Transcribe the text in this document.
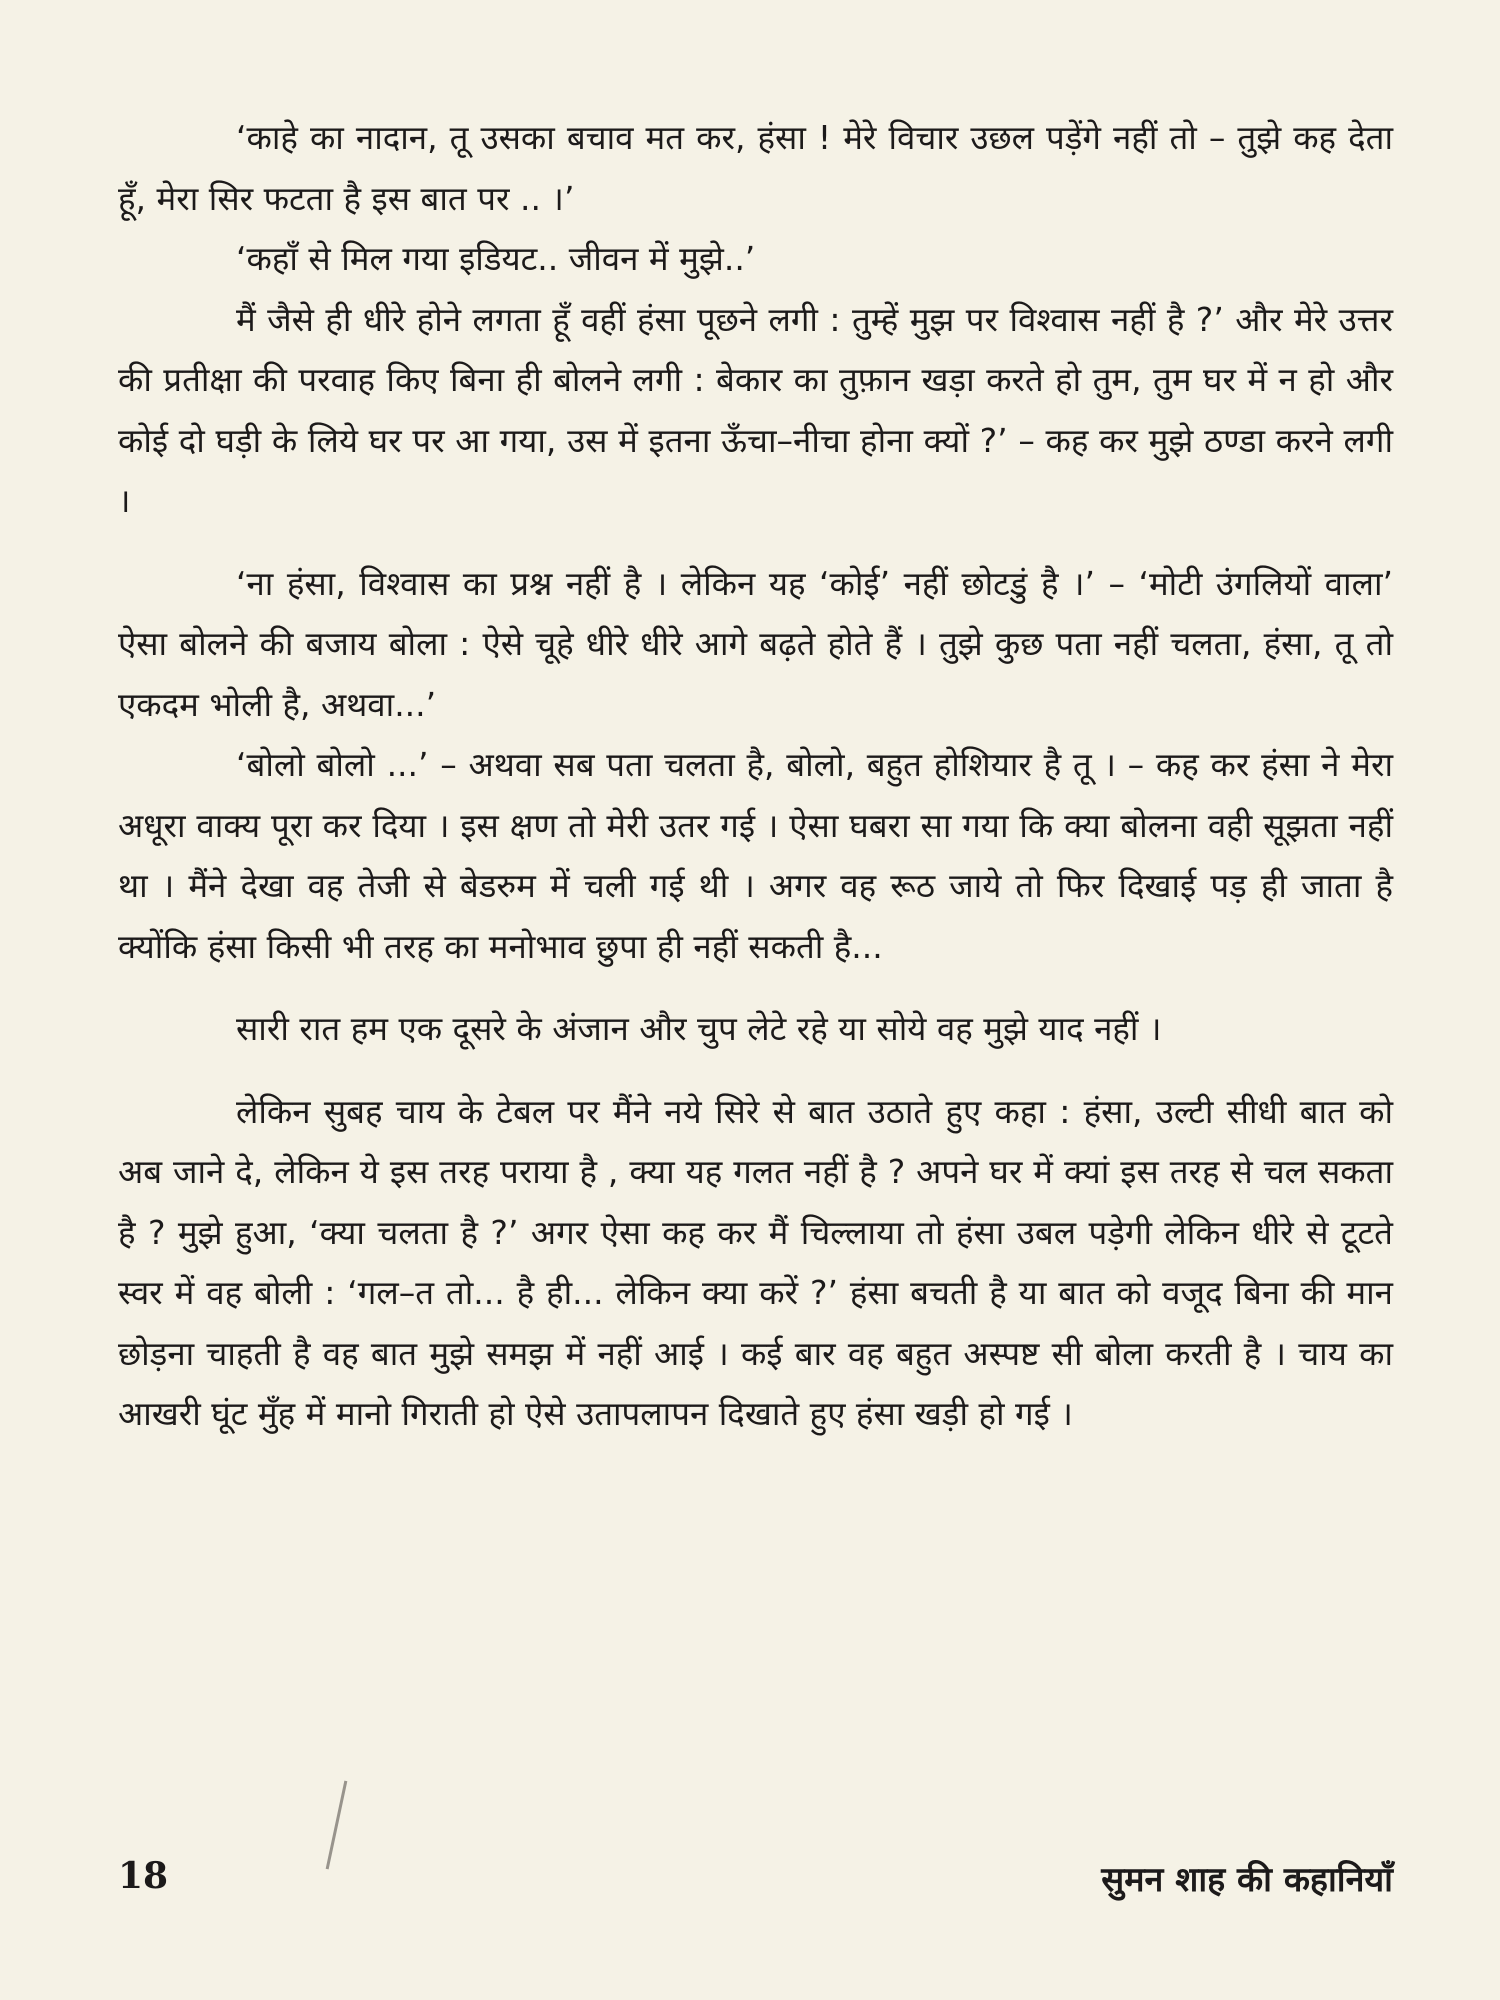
‘काहे का नादान, तू उसका बचाव मत कर, हंसा ! मेरे विचार उछल पड़ेंगे नहीं तो – तुझे कह देता हूँ, मेरा सिर फटता है इस बात पर .. ।’

‘कहाँ से मिल गया इडियट.. जीवन में मुझे..’

मैं जैसे ही धीरे होने लगता हूँ वहीं हंसा पूछने लगी : तुम्हें मुझ पर विश्वास नहीं है ?’ और मेरे उत्तर की प्रतीक्षा की परवाह किए बिना ही बोलने लगी : बेकार का तुफ़ान खड़ा करते हो तुम, तुम घर में न हो और कोई दो घड़ी के लिये घर पर आ गया, उस में इतना ऊँचा–नीचा होना क्यों ?’ – कह कर मुझे ठण्डा करने लगी ।

‘ना हंसा, विश्वास का प्रश्न नहीं है । लेकिन यह ‘कोई’ नहीं छोटडुं है ।’ – ‘मोटी उंगलियों वाला’ ऐसा बोलने की बजाय बोला : ऐसे चूहे धीरे धीरे आगे बढ़ते होते हैं । तुझे कुछ पता नहीं चलता, हंसा, तू तो एकदम भोली है, अथवा...’

‘बोलो बोलो ...’ – अथवा सब पता चलता है, बोलो, बहुत होशियार है तू । – कह कर हंसा ने मेरा अधूरा वाक्य पूरा कर दिया । इस क्षण तो मेरी उतर गई । ऐसा घबरा सा गया कि क्या बोलना वही सूझता नहीं था । मैंने देखा वह तेजी से बेडरुम में चली गई थी । अगर वह रूठ जाये तो फिर दिखाई पड़ ही जाता है क्योंकि हंसा किसी भी तरह का मनोभाव छुपा ही नहीं सकती है...

सारी रात हम एक दूसरे के अंजान और चुप लेटे रहे या सोये वह मुझे याद नहीं ।

लेकिन सुबह चाय के टेबल पर मैंने नये सिरे से बात उठाते हुए कहा : हंसा, उल्टी सीधी बात को अब जाने दे, लेकिन ये इस तरह पराया है , क्या यह गलत नहीं है ? अपने घर में क्यां इस तरह से चल सकता है ? मुझे हुआ, ‘क्या चलता है ?’ अगर ऐसा कह कर मैं चिल्लाया तो हंसा उबल पड़ेगी लेकिन धीरे से टूटते स्वर में वह बोली : ‘गल–त तो... है ही... लेकिन क्या करें ?’ हंसा बचती है या बात को वजूद बिना की मान छोड़ना चाहती है वह बात मुझे समझ में नहीं आई । कई बार वह बहुत अस्पष्ट सी बोला करती है । चाय का आखरी घूंट मुँह में मानो गिराती हो ऐसे उतापलापन दिखाते हुए हंसा खड़ी हो गई ।

18	सुमन शाह की कहानियाँ
